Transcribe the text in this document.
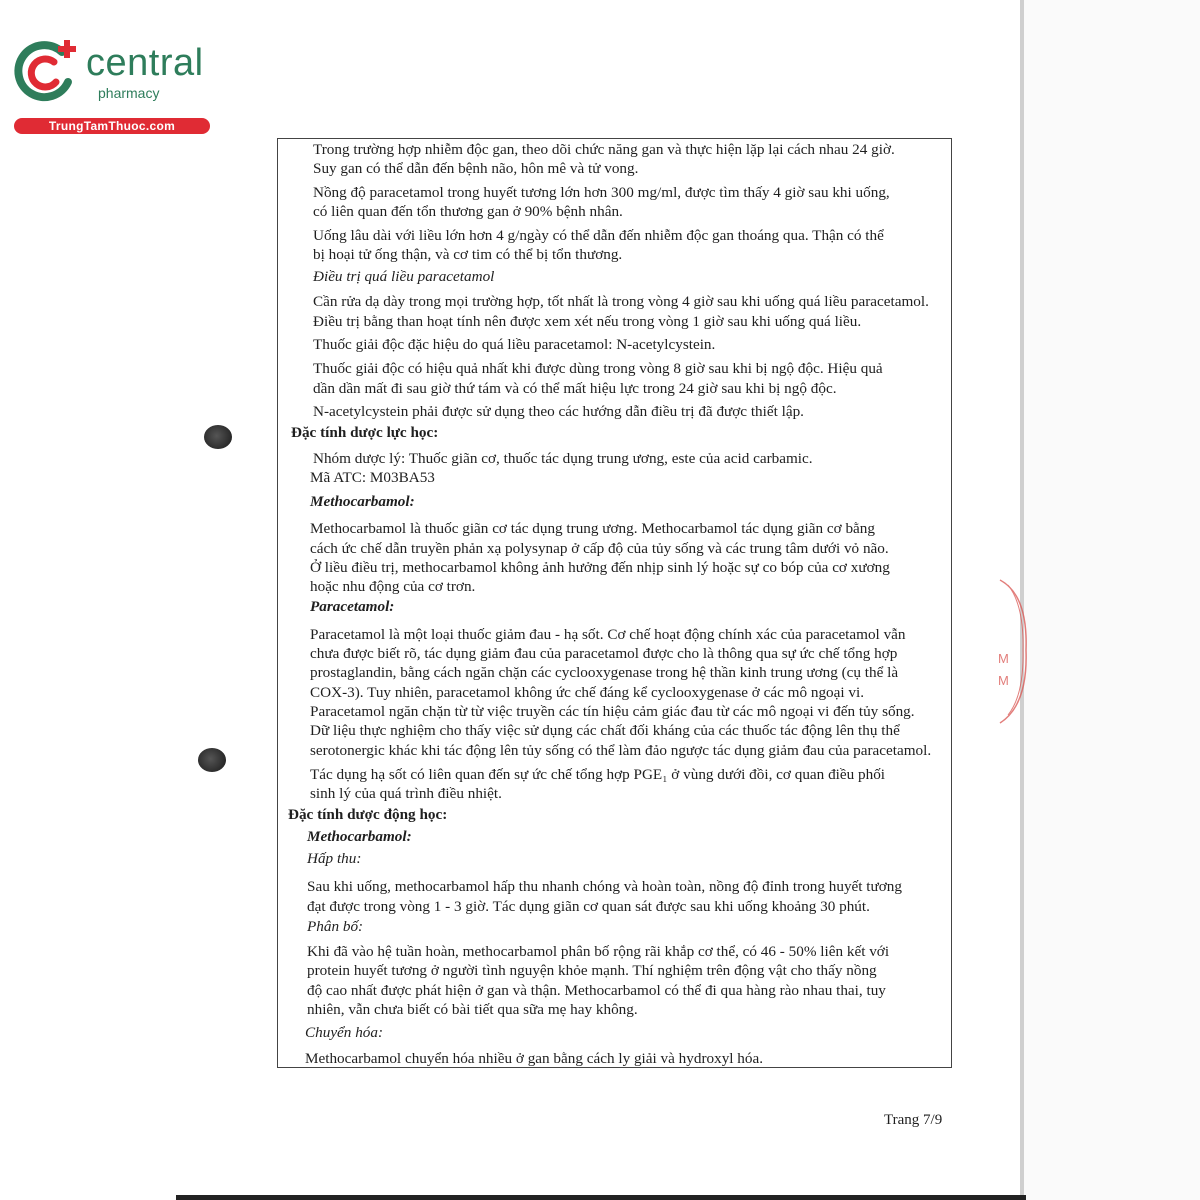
central
pharmacy
TrungTamThuoc.com
M
M
Trong trường hợp nhiễm độc gan, theo dõi chức năng gan và thực hiện lặp lại cách nhau 24 giờ.
Suy gan có thể dẫn đến bệnh não, hôn mê và tử vong.
Nồng độ paracetamol trong huyết tương lớn hơn 300 mg/ml, được tìm thấy 4 giờ sau khi uống,
có liên quan đến tổn thương gan ở 90% bệnh nhân.
Uống lâu dài với liều lớn hơn 4 g/ngày có thể dẫn đến nhiễm độc gan thoáng qua. Thận có thể
bị hoại tử ống thận, và cơ tim có thể bị tổn thương.
Điều trị quá liều paracetamol
Cần rửa dạ dày trong mọi trường hợp, tốt nhất là trong vòng 4 giờ sau khi uống quá liều paracetamol.
Điều trị bằng than hoạt tính nên được xem xét nếu trong vòng 1 giờ sau khi uống quá liều.
Thuốc giải độc đặc hiệu do quá liều paracetamol: N-acetylcystein.
Thuốc giải độc có hiệu quả nhất khi được dùng trong vòng 8 giờ sau khi bị ngộ độc. Hiệu quả
dần dần mất đi sau giờ thứ tám và có thể mất hiệu lực trong 24 giờ sau khi bị ngộ độc.
N-acetylcystein phải được sử dụng theo các hướng dẫn điều trị đã được thiết lập.
Đặc tính dược lực học:
Nhóm dược lý: Thuốc giãn cơ, thuốc tác dụng trung ương, este của acid carbamic.
Mã ATC: M03BA53
Methocarbamol:
Methocarbamol là thuốc giãn cơ tác dụng trung ương. Methocarbamol tác dụng giãn cơ bằng
cách ức chế dẫn truyền phản xạ polysynap ở cấp độ của tủy sống và các trung tâm dưới vỏ não.
Ở liều điều trị, methocarbamol không ảnh hưởng đến nhịp sinh lý hoặc sự co bóp của cơ xương
hoặc nhu động của cơ trơn.
Paracetamol:
Paracetamol là một loại thuốc giảm đau - hạ sốt. Cơ chế hoạt động chính xác của paracetamol vẫn
chưa được biết rõ, tác dụng giảm đau của paracetamol được cho là thông qua sự ức chế tổng hợp
prostaglandin, bằng cách ngăn chặn các cyclooxygenase trong hệ thần kinh trung ương (cụ thể là
COX-3). Tuy nhiên, paracetamol không ức chế đáng kể cyclooxygenase ở các mô ngoại vi.
Paracetamol ngăn chặn từ từ việc truyền các tín hiệu cảm giác đau từ các mô ngoại vi đến tủy sống.
Dữ liệu thực nghiệm cho thấy việc sử dụng các chất đối kháng của các thuốc tác động lên thụ thể
serotonergic khác khi tác động lên tủy sống có thể làm đảo ngược tác dụng giảm đau của paracetamol.
Tác dụng hạ sốt có liên quan đến sự ức chế tổng hợp PGE₁ ở vùng dưới đồi, cơ quan điều phối
sinh lý của quá trình điều nhiệt.
Đặc tính dược động học:
Methocarbamol:
Hấp thu:
Sau khi uống, methocarbamol hấp thu nhanh chóng và hoàn toàn, nồng độ đỉnh trong huyết tương
đạt được trong vòng 1 - 3 giờ. Tác dụng giãn cơ quan sát được sau khi uống khoảng 30 phút.
Phân bố:
Khi đã vào hệ tuần hoàn, methocarbamol phân bố rộng rãi khắp cơ thể, có 46 - 50% liên kết với
protein huyết tương ở người tình nguyện khỏe mạnh. Thí nghiệm trên động vật cho thấy nồng
độ cao nhất được phát hiện ở gan và thận. Methocarbamol có thể đi qua hàng rào nhau thai, tuy
nhiên, vẫn chưa biết có bài tiết qua sữa mẹ hay không.
Chuyển hóa:
Methocarbamol chuyển hóa nhiều ở gan bằng cách ly giải và hydroxyl hóa.
Trang 7/9
